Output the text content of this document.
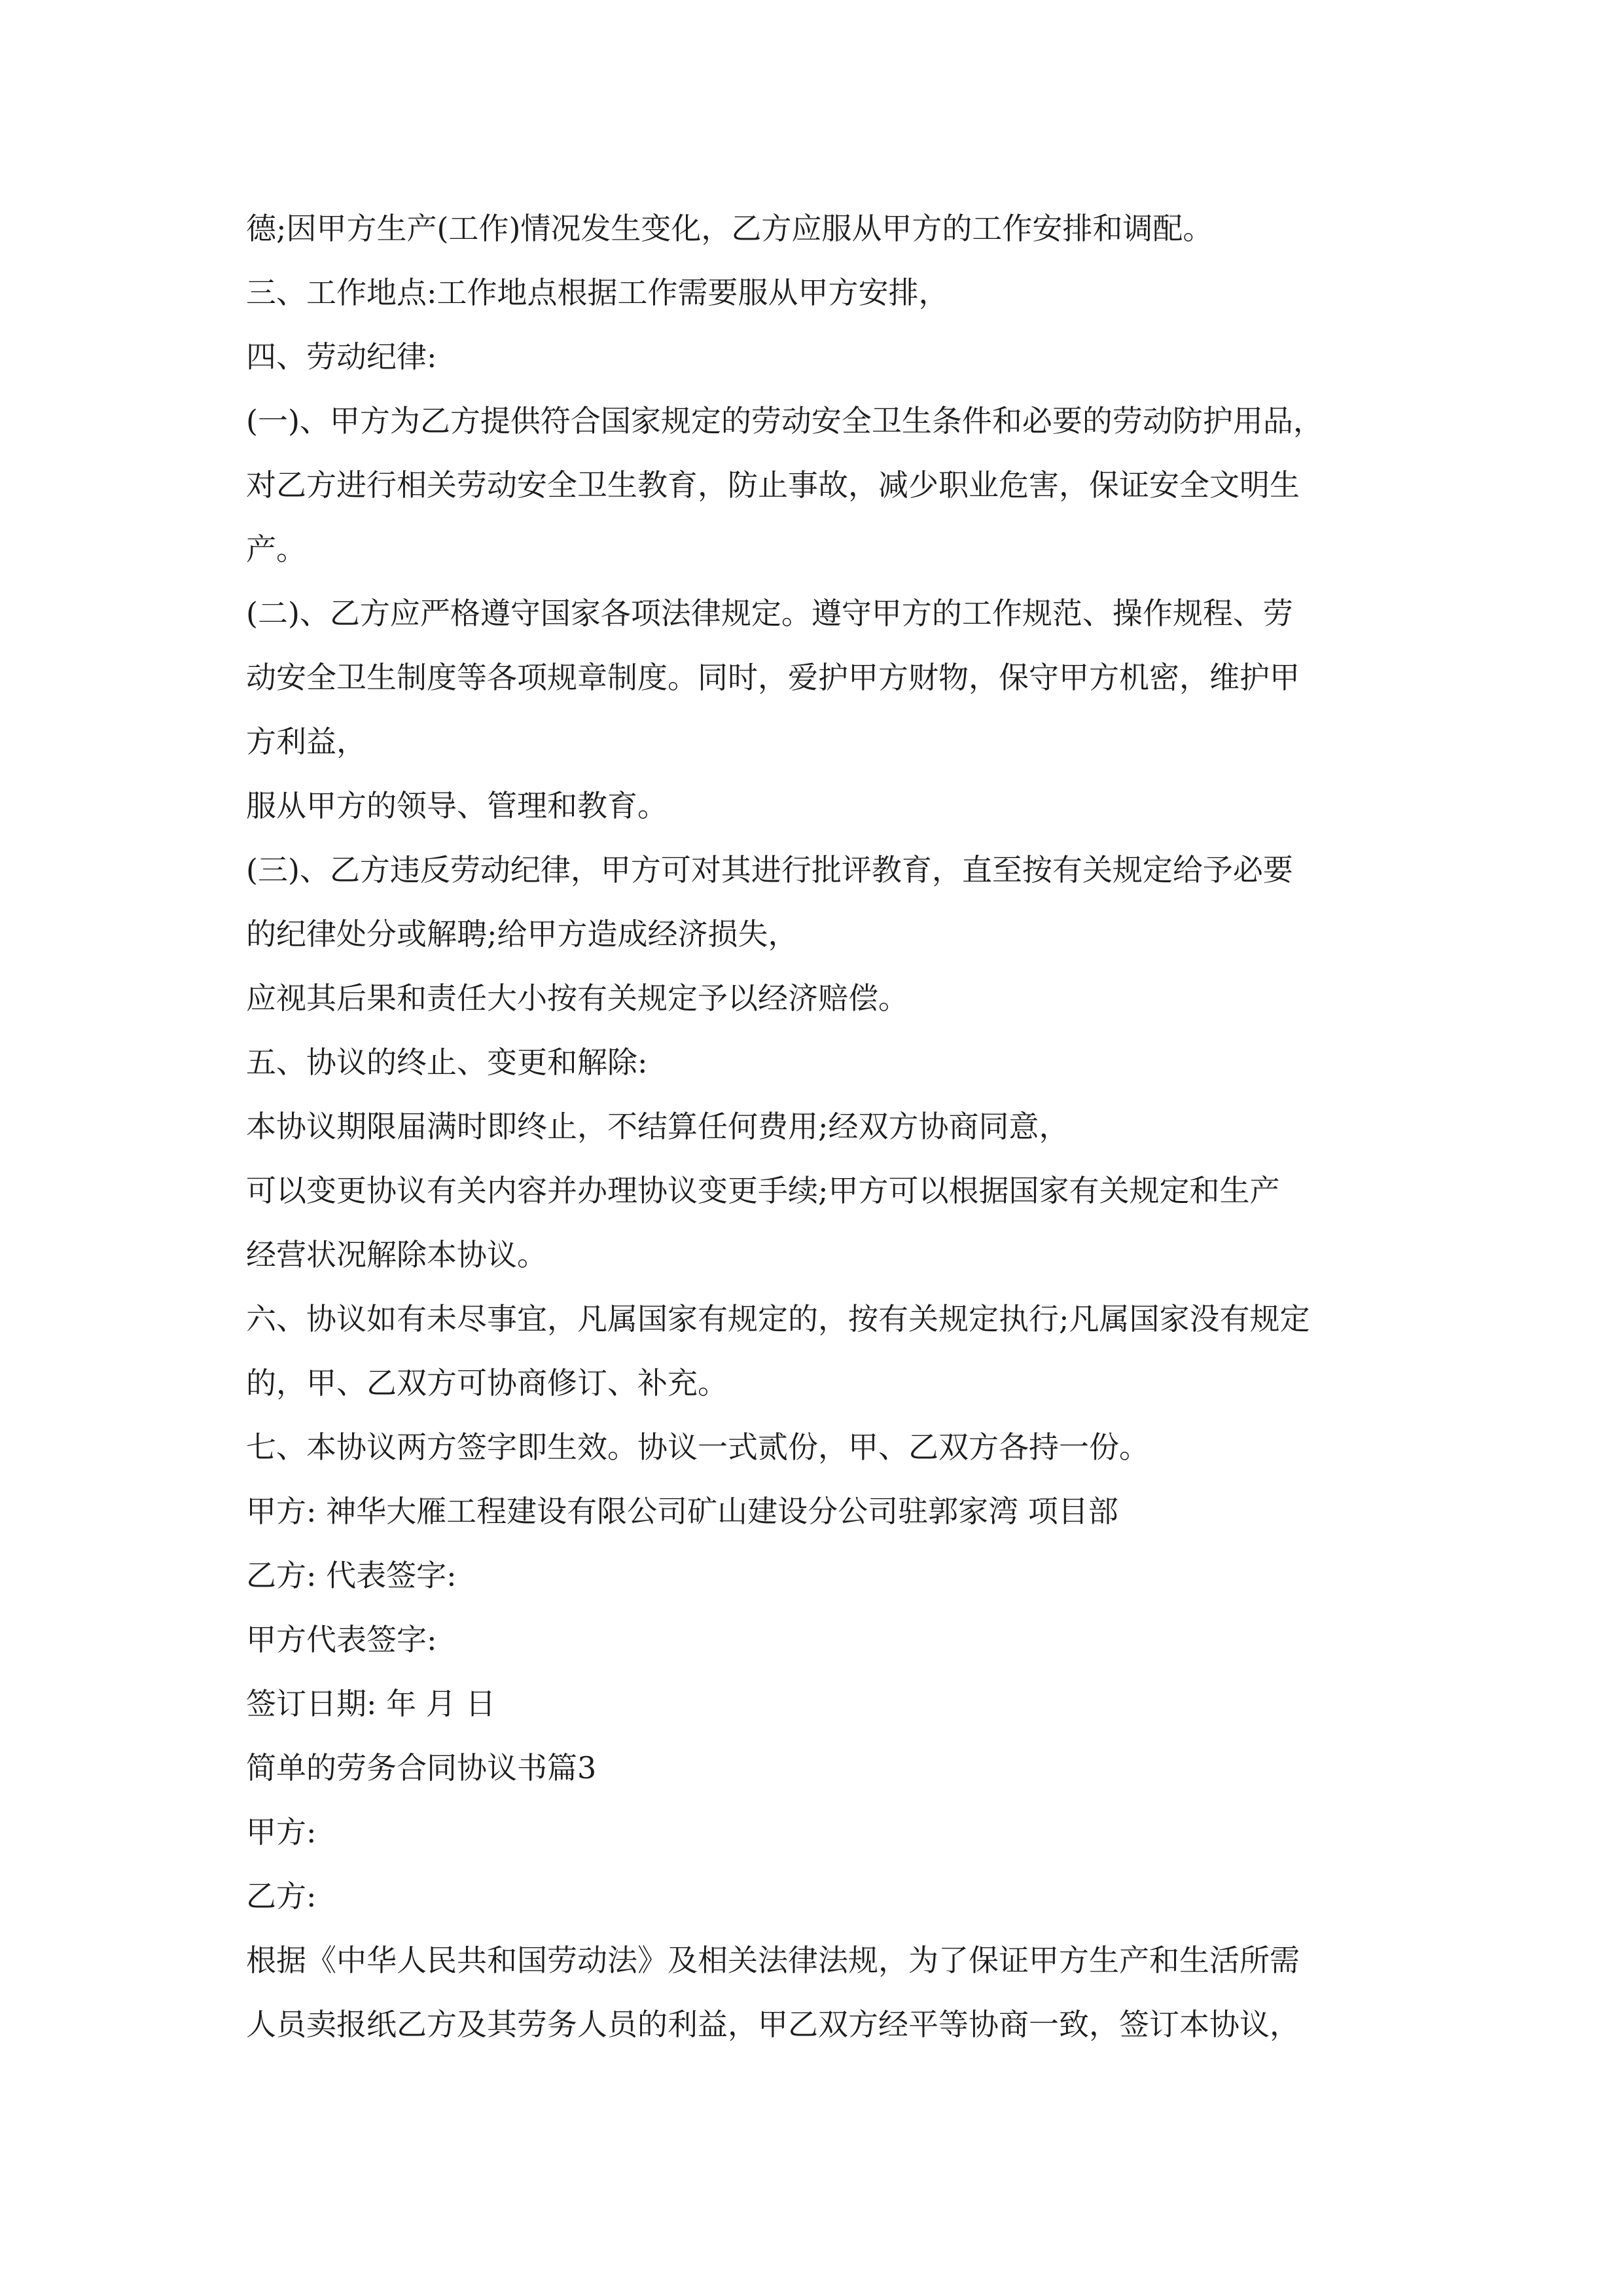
德;因甲方生产(工作)情况发生变化，乙方应服从甲方的工作安排和调配。
三、工作地点:工作地点根据工作需要服从甲方安排，
四、劳动纪律:
(一)、甲方为乙方提供符合国家规定的劳动安全卫生条件和必要的劳动防护用品，
对乙方进行相关劳动安全卫生教育，防止事故，减少职业危害，保证安全文明生
产。
(二)、乙方应严格遵守国家各项法律规定。遵守甲方的工作规范、操作规程、劳
动安全卫生制度等各项规章制度。同时，爱护甲方财物，保守甲方机密，维护甲
方利益，
服从甲方的领导、管理和教育。
(三)、乙方违反劳动纪律，甲方可对其进行批评教育，直至按有关规定给予必要
的纪律处分或解聘;给甲方造成经济损失，
应视其后果和责任大小按有关规定予以经济赔偿。
五、协议的终止、变更和解除:
本协议期限届满时即终止，不结算任何费用;经双方协商同意，
可以变更协议有关内容并办理协议变更手续;甲方可以根据国家有关规定和生产
经营状况解除本协议。
六、协议如有未尽事宜，凡属国家有规定的，按有关规定执行;凡属国家没有规定
的，甲、乙双方可协商修订、补充。
七、本协议两方签字即生效。协议一式贰份，甲、乙双方各持一份。
甲方: 神华大雁工程建设有限公司矿山建设分公司驻郭家湾 项目部
乙方: 代表签字:
甲方代表签字:
签订日期: 年 月 日
简单的劳务合同协议书篇3
甲方:
乙方:
根据《中华人民共和国劳动法》及相关法律法规，为了保证甲方生产和生活所需
人员卖报纸乙方及其劳务人员的利益，甲乙双方经平等协商一致，签订本协议，
